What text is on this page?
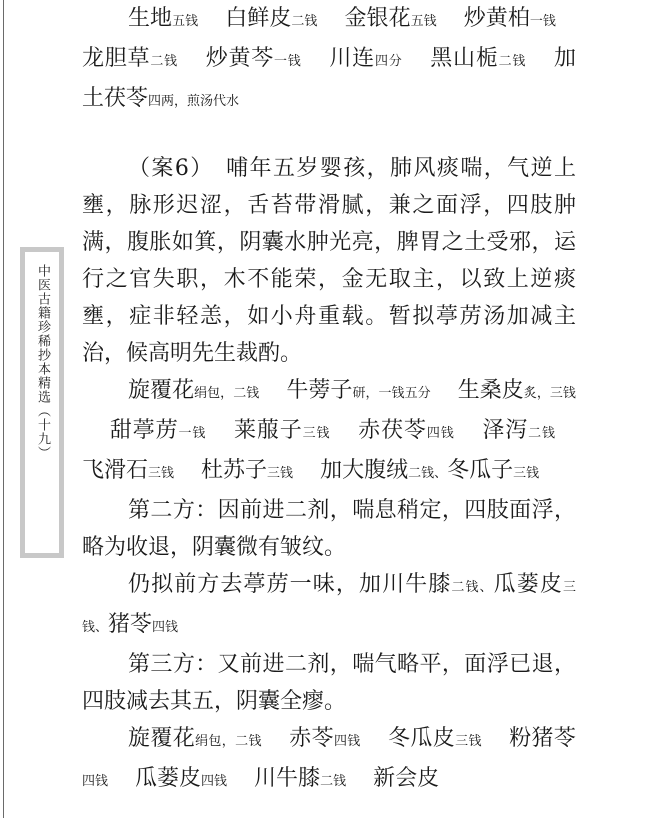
中医古籍珍稀抄本精选（十九）

生地五钱 白鲜皮二钱 金银花五钱 炒黄柏一钱 龙胆草二钱 炒黄芩一钱 川连四分 黑山栀二钱 加土茯苓四两，煎汤代水

（案6）　哺年五岁婴孩，肺风痰喘，气逆上壅，脉形迟涩，舌苔带滑腻，兼之面浮，四肢肿满，腹胀如箕，阴囊水肿光亮，脾胃之土受邪，运行之官失职，木不能荣，金无取主，以致上逆痰壅，症非轻恙，如小舟重载。暂拟葶苈汤加减主治，候高明先生裁酌。

旋覆花绢包，二钱 牛蒡子研，一钱五分 生桑皮炙，三钱 甜葶苈一钱 莱菔子三钱 赤茯苓四钱 泽泻二钱 飞滑石三钱 杜苏子三钱 加大腹绒二钱、冬瓜子三钱

第二方：因前进二剂，喘息稍定，四肢面浮，略为收退，阴囊微有皱纹。

仍拟前方去葶苈一味，加川牛膝二钱、瓜蒌皮三钱、猪苓四钱

第三方：又前进二剂，喘气略平，面浮已退，四肢减去其五，阴囊全瘳。

旋覆花绢包，二钱 赤苓四钱 冬瓜皮三钱 粉猪苓四钱 瓜蒌皮四钱 川牛膝二钱 新会皮
